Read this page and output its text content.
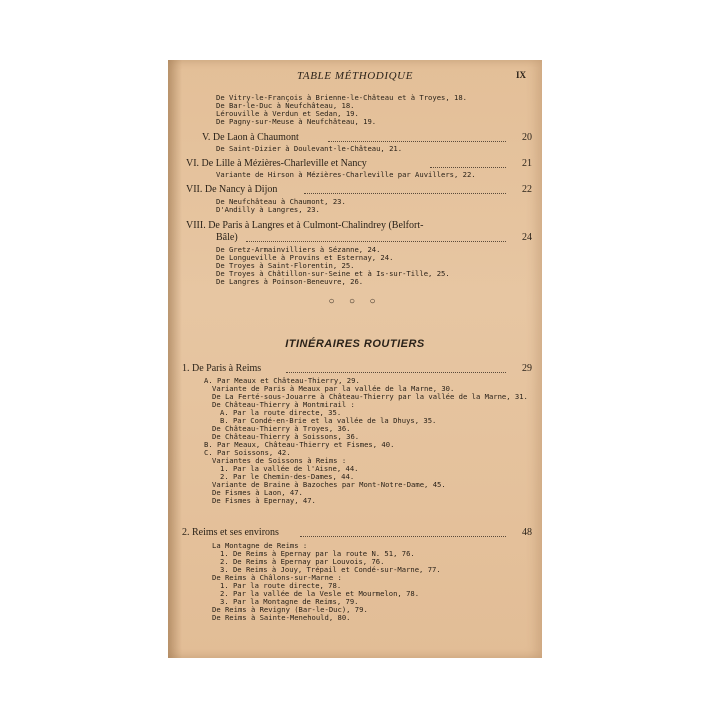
TABLE MÉTHODIQUE	IX
De Vitry-le-François à Brienne-le-Château et à Troyes, 18.
De Bar-le-Duc à Neufchâteau, 18.
Lérouville à Verdun et Sedan, 19.
De Pagny-sur-Meuse à Neufchâteau, 19.
V. De Laon à Chaumont	20
De Saint-Dizier à Doulevant-le-Château, 21.
VI. De Lille à Mézières-Charleville et Nancy	21
Variante de Hirson à Mézières-Charleville par Auvillers, 22.
VII. De Nancy à Dijon	22
De Neufchâteau à Chaumont, 23.
D'Andilly à Langres, 23.
VIII. De Paris à Langres et à Culmont-Chalindrey (Belfort-
Bâle)	24
De Gretz-Armainvilliers à Sézanne, 24.
De Longueville à Provins et Esternay, 24.
De Troyes à Saint-Florentin, 25.
De Troyes à Châtillon-sur-Seine et à Is-sur-Tille, 25.
De Langres à Poinson-Beneuvre, 26.
○ ○ ○
ITINÉRAIRES ROUTIERS
1. De Paris à Reims	29
A. Par Meaux et Château-Thierry, 29.
Variante de Paris à Meaux par la vallée de la Marne, 30.
De La Ferté-sous-Jouarre à Château-Thierry par la vallée de la Marne, 31.
De Château-Thierry à Montmirail :
A. Par la route directe, 35.
B. Par Condé-en-Brie et la vallée de la Dhuys, 35.
De Château-Thierry à Troyes, 36.
De Château-Thierry à Soissons, 36.
B. Par Meaux, Château-Thierry et Fismes, 40.
C. Par Soissons, 42.
Variantes de Soissons à Reims :
1. Par la vallée de l'Aisne, 44.
2. Par le Chemin-des-Dames, 44.
Variante de Braine à Bazoches par Mont-Notre-Dame, 45.
De Fismes à Laon, 47.
De Fismes à Epernay, 47.
2. Reims et ses environs	48
La Montagne de Reims :
1. De Reims à Epernay par la route N. 51, 76.
2. De Reims à Epernay par Louvois, 76.
3. De Reims à Jouy, Trépail et Condé-sur-Marne, 77.
De Reims à Châlons-sur-Marne :
1. Par la route directe, 78.
2. Par la vallée de la Vesle et Mourmelon, 78.
3. Par la Montagne de Reims, 79.
De Reims à Revigny (Bar-le-Duc), 79.
De Reims à Sainte-Menehould, 80.
